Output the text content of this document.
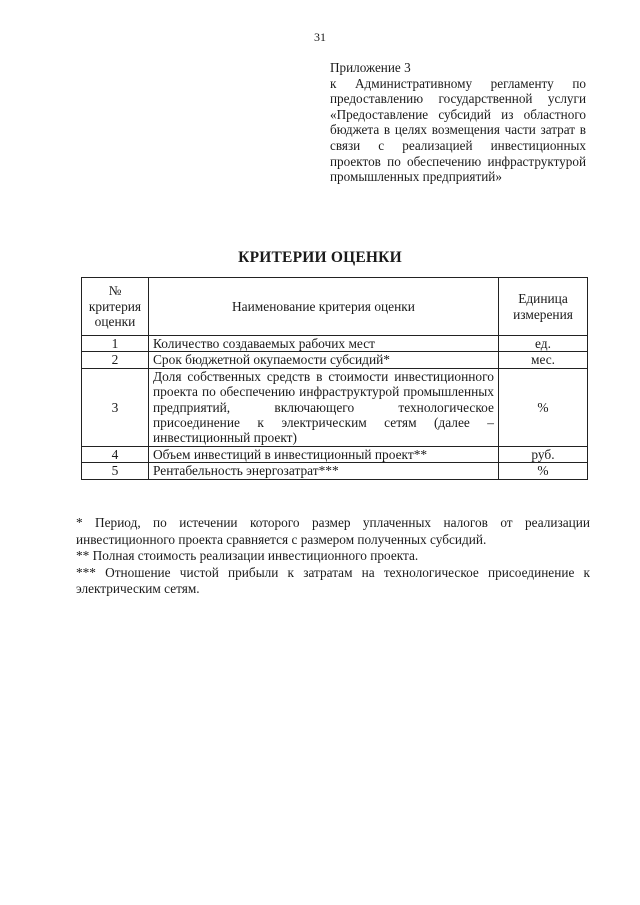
31
Приложение 3
к Административному регламенту по предоставлению государственной услуги «Предоставление субсидий из областного бюджета в целях возмещения части затрат в связи с реализацией инвестиционных проектов по обеспечению инфраструктурой промышленных предприятий»
КРИТЕРИИ ОЦЕНКИ
№ критерия оценки	Наименование критерия оценки	Единица измерения
1	Количество создаваемых рабочих мест	ед.
2	Срок бюджетной окупаемости субсидий*	мес.
3	Доля собственных средств в стоимости инвестиционного проекта по обеспечению инфраструктурой промышленных предприятий, включающего технологическое присоединение к электрическим сетям (далее – инвестиционный проект)	%
4	Объем инвестиций в инвестиционный проект**	руб.
5	Рентабельность энергозатрат***	%

* Период, по истечении которого размер уплаченных налогов от реализации инвестиционного проекта сравняется с размером полученных субсидий.

** Полная стоимость реализации инвестиционного проекта.

*** Отношение чистой прибыли к затратам на технологическое присоединение к электрическим сетям.
